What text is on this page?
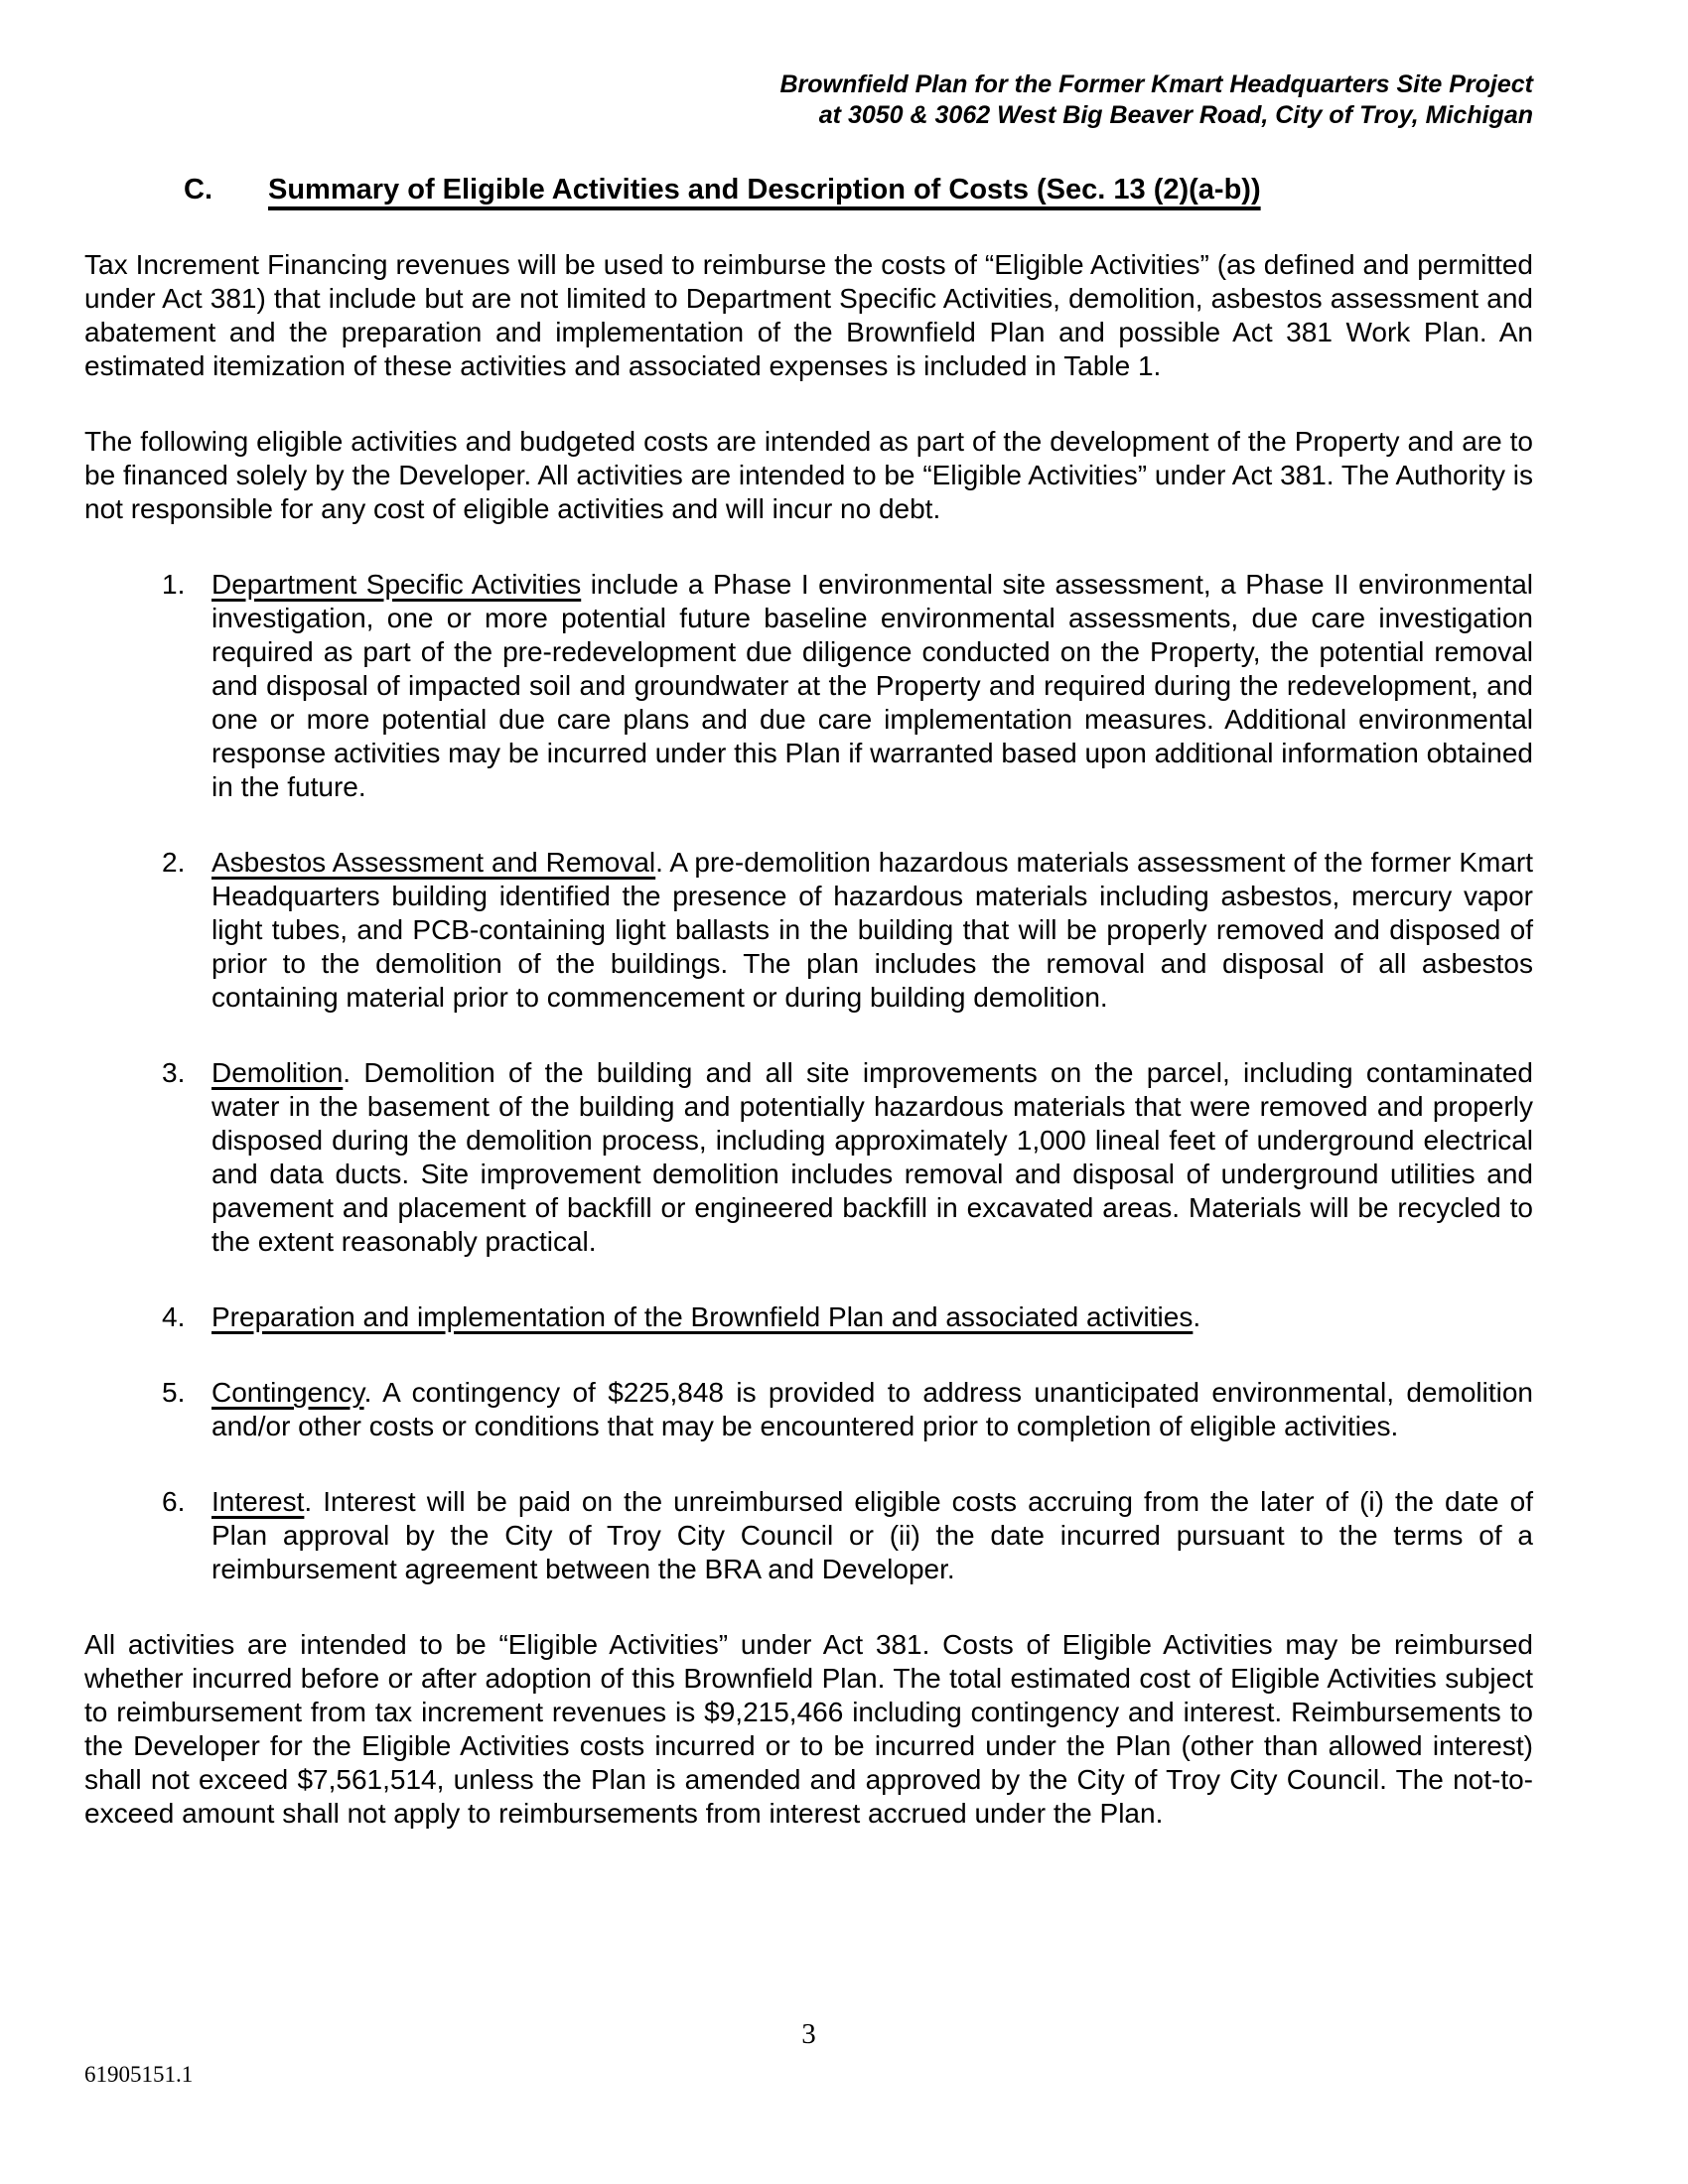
Brownfield Plan for the Former Kmart Headquarters Site Project
at 3050 & 3062 West Big Beaver Road, City of Troy, Michigan
C. Summary of Eligible Activities and Description of Costs (Sec. 13 (2)(a-b))

Tax Increment Financing revenues will be used to reimburse the costs of “Eligible Activities” (as defined and permitted under Act 381) that include but are not limited to Department Specific Activities, demolition, asbestos assessment and abatement and the preparation and implementation of the Brownfield Plan and possible Act 381 Work Plan. An estimated itemization of these activities and associated expenses is included in Table 1.

The following eligible activities and budgeted costs are intended as part of the development of the Property and are to be financed solely by the Developer. All activities are intended to be “Eligible Activities” under Act 381. The Authority is not responsible for any cost of eligible activities and will incur no debt.

1. Department Specific Activities include a Phase I environmental site assessment, a Phase II environmental investigation, one or more potential future baseline environmental assessments, due care investigation required as part of the pre-redevelopment due diligence conducted on the Property, the potential removal and disposal of impacted soil and groundwater at the Property and required during the redevelopment, and one or more potential due care plans and due care implementation measures. Additional environmental response activities may be incurred under this Plan if warranted based upon additional information obtained in the future.
2. Asbestos Assessment and Removal. A pre-demolition hazardous materials assessment of the former Kmart Headquarters building identified the presence of hazardous materials including asbestos, mercury vapor light tubes, and PCB-containing light ballasts in the building that will be properly removed and disposed of prior to the demolition of the buildings. The plan includes the removal and disposal of all asbestos containing material prior to commencement or during building demolition.
3. Demolition. Demolition of the building and all site improvements on the parcel, including contaminated water in the basement of the building and potentially hazardous materials that were removed and properly disposed during the demolition process, including approximately 1,000 lineal feet of underground electrical and data ducts. Site improvement demolition includes removal and disposal of underground utilities and pavement and placement of backfill or engineered backfill in excavated areas. Materials will be recycled to the extent reasonably practical.
4. Preparation and implementation of the Brownfield Plan and associated activities.
5. Contingency. A contingency of $225,848 is provided to address unanticipated environmental, demolition and/or other costs or conditions that may be encountered prior to completion of eligible activities.
6. Interest. Interest will be paid on the unreimbursed eligible costs accruing from the later of (i) the date of Plan approval by the City of Troy City Council or (ii) the date incurred pursuant to the terms of a reimbursement agreement between the BRA and Developer.

All activities are intended to be “Eligible Activities” under Act 381. Costs of Eligible Activities may be reimbursed whether incurred before or after adoption of this Brownfield Plan. The total estimated cost of Eligible Activities subject to reimbursement from tax increment revenues is $9,215,466 including contingency and interest. Reimbursements to the Developer for the Eligible Activities costs incurred or to be incurred under the Plan (other than allowed interest) shall not exceed $7,561,514, unless the Plan is amended and approved by the City of Troy City Council. The not-to-exceed amount shall not apply to reimbursements from interest accrued under the Plan.

3
61905151.1
